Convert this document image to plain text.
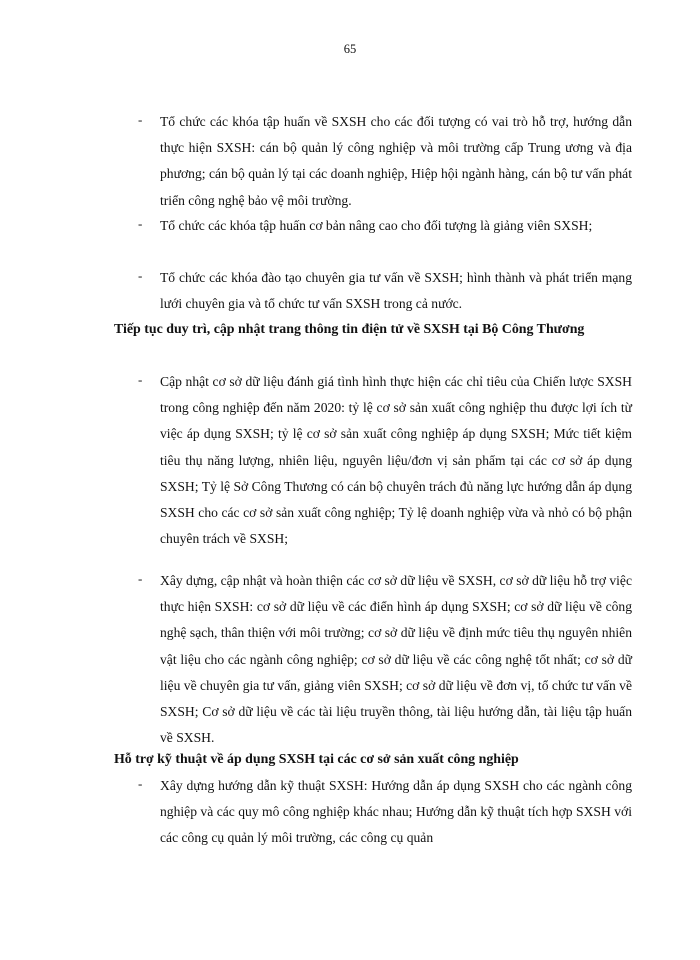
65
- Tổ chức các khóa tập huấn về SXSH cho các đối tượng có vai trò hỗ trợ, hướng dẫn thực hiện SXSH: cán bộ quản lý công nghiệp và môi trường cấp Trung ương và địa phương; cán bộ quản lý tại các doanh nghiệp, Hiệp hội ngành hàng, cán bộ tư vấn phát triển công nghệ bảo vệ môi trường.
- Tổ chức các khóa tập huấn cơ bản nâng cao cho đối tượng là giảng viên SXSH;
- Tổ chức các khóa đào tạo chuyên gia tư vấn về SXSH; hình thành và phát triển mạng lưới chuyên gia và tổ chức tư vấn SXSH trong cả nước.
Tiếp tục duy trì, cập nhật trang thông tin điện tử về SXSH tại Bộ Công Thương
- Cập nhật cơ sở dữ liệu đánh giá tình hình thực hiện các chỉ tiêu của Chiến lược SXSH trong công nghiệp đến năm 2020: tỷ lệ cơ sở sản xuất công nghiệp thu được lợi ích từ việc áp dụng SXSH; tỷ lệ cơ sở sản xuất công nghiệp áp dụng SXSH; Mức tiết kiệm tiêu thụ năng lượng, nhiên liệu, nguyên liệu/đơn vị sản phẩm tại các cơ sở áp dụng SXSH; Tỷ lệ Sở Công Thương có cán bộ chuyên trách đủ năng lực hướng dẫn áp dụng SXSH cho các cơ sở sản xuất công nghiệp; Tỷ lệ doanh nghiệp vừa và nhỏ có bộ phận chuyên trách về SXSH;
- Xây dựng, cập nhật và hoàn thiện các cơ sở dữ liệu về SXSH, cơ sở dữ liệu hỗ trợ việc thực hiện SXSH: cơ sở dữ liệu về các điển hình áp dụng SXSH; cơ sở dữ liệu về công nghệ sạch, thân thiện với môi trường; cơ sở dữ liệu về định mức tiêu thụ nguyên nhiên vật liệu cho các ngành công nghiệp; cơ sở dữ liệu về các công nghệ tốt nhất; cơ sở dữ liệu về chuyên gia tư vấn, giảng viên SXSH; cơ sở dữ liệu về đơn vị, tổ chức tư vấn về SXSH; Cơ sở dữ liệu về các tài liệu truyền thông, tài liệu hướng dẫn, tài liệu tập huấn về SXSH.
Hỗ trợ kỹ thuật về áp dụng SXSH tại các cơ sở sản xuất công nghiệp
- Xây dựng hướng dẫn kỹ thuật SXSH: Hướng dẫn áp dụng SXSH cho các ngành công nghiệp và các quy mô công nghiệp khác nhau; Hướng dẫn kỹ thuật tích hợp SXSH với các công cụ quản lý môi trường, các công cụ quản
